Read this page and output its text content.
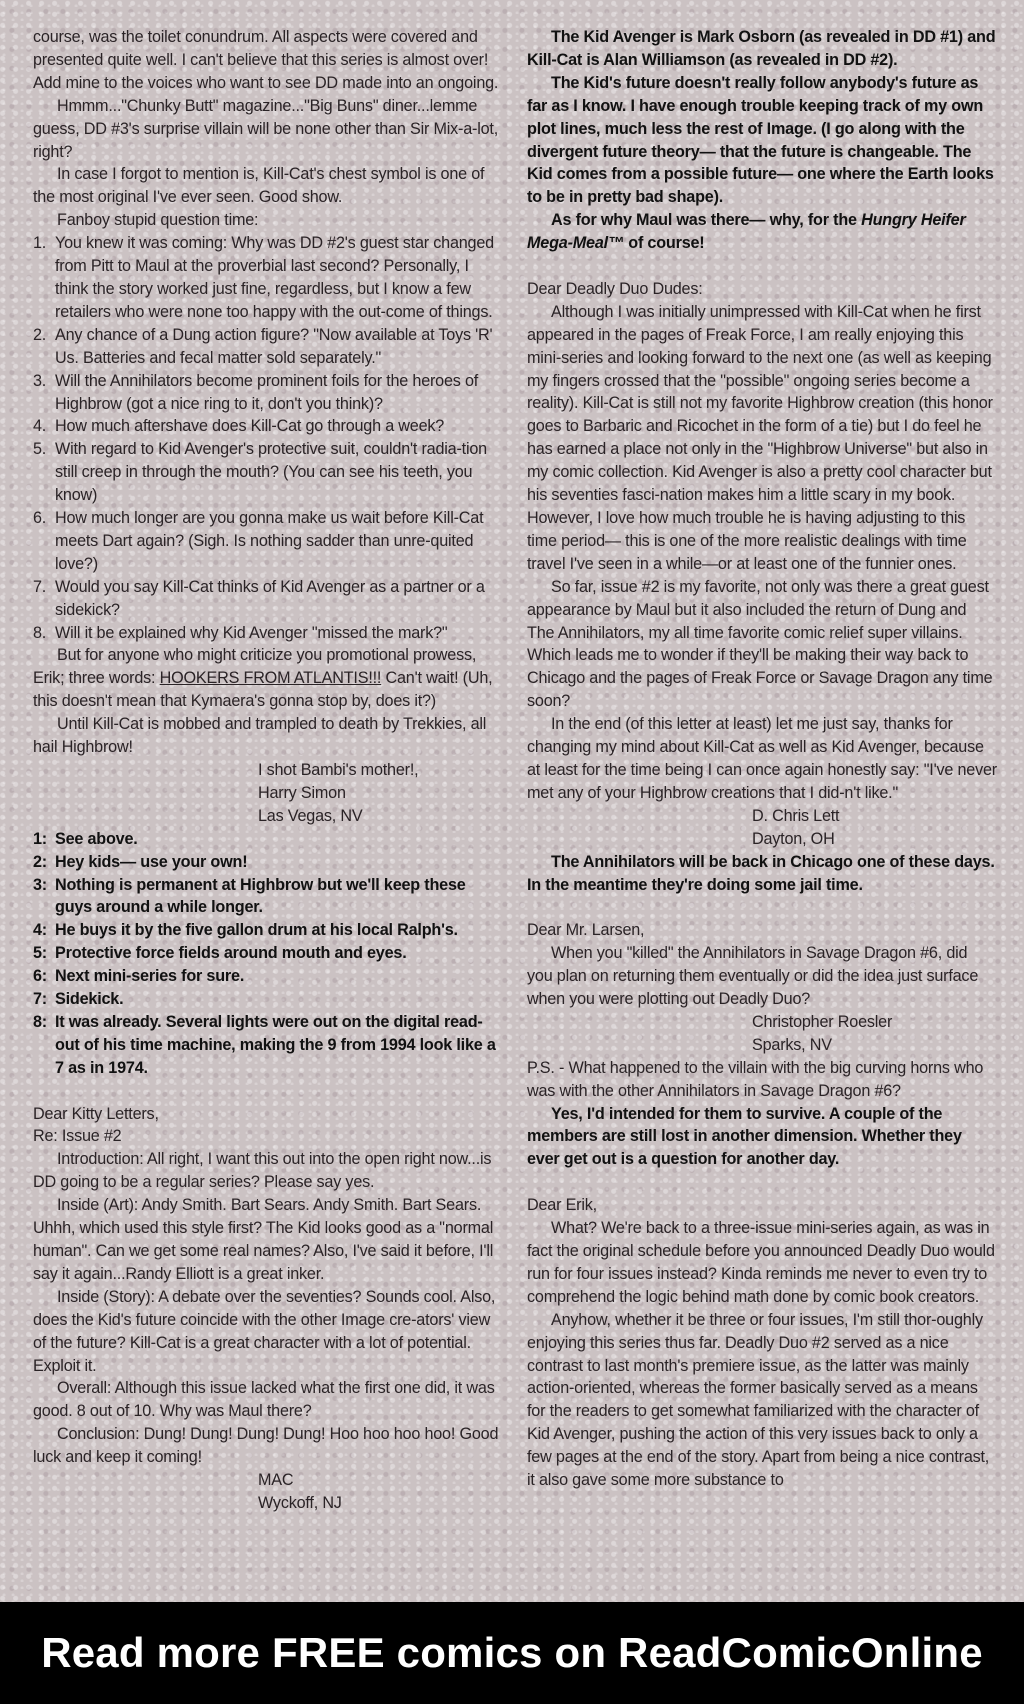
course, was the toilet conundrum. All aspects were covered and presented quite well. I can't believe that this series is almost over! Add mine to the voices who want to see DD made into an ongoing.

Hmmm..."Chunky Butt" magazine..."Big Buns" diner...lemme guess, DD #3's surprise villain will be none other than Sir Mix-a-lot, right?

In case I forgot to mention is, Kill-Cat's chest symbol is one of the most original I've ever seen. Good show.

Fanboy stupid question time:

1. You knew it was coming: Why was DD #2's guest star changed from Pitt to Maul at the proverbial last second? Personally, I think the story worked just fine, regardless, but I know a few retailers who were none too happy with the out-come of things.
2. Any chance of a Dung action figure? "Now available at Toys 'R' Us. Batteries and fecal matter sold separately."
3. Will the Annihilators become prominent foils for the heroes of Highbrow (got a nice ring to it, don't you think)?
4. How much aftershave does Kill-Cat go through a week?
5. With regard to Kid Avenger's protective suit, couldn't radia-tion still creep in through the mouth? (You can see his teeth, you know)
6. How much longer are you gonna make us wait before Kill-Cat meets Dart again? (Sigh. Is nothing sadder than unre-quited love?)
7. Would you say Kill-Cat thinks of Kid Avenger as a partner or a sidekick?
8. Will it be explained why Kid Avenger "missed the mark?"

But for anyone who might criticize you promotional prowess, Erik; three words: HOOKERS FROM ATLANTIS!!! Can't wait! (Uh, this doesn't mean that Kymaera's gonna stop by, does it?)

Until Kill-Cat is mobbed and trampled to death by Trekkies, all hail Highbrow!

I shot Bambi's mother!,
Harry Simon
Las Vegas, NV
1: See above.
2: Hey kids— use your own!
3: Nothing is permanent at Highbrow but we'll keep these guys around a while longer.
4: He buys it by the five gallon drum at his local Ralph's.
5: Protective force fields around mouth and eyes.
6: Next mini-series for sure.
7: Sidekick.
8: It was already. Several lights were out on the digital read-out of his time machine, making the 9 from 1994 look like a 7 as in 1974.

Dear Kitty Letters,

Re: Issue #2

Introduction: All right, I want this out into the open right now...is DD going to be a regular series? Please say yes.

Inside (Art): Andy Smith. Bart Sears. Andy Smith. Bart Sears. Uhhh, which used this style first? The Kid looks good as a "normal human". Can we get some real names? Also, I've said it before, I'll say it again...Randy Elliott is a great inker.

Inside (Story): A debate over the seventies? Sounds cool. Also, does the Kid's future coincide with the other Image cre-ators' view of the future? Kill-Cat is a great character with a lot of potential. Exploit it.

Overall: Although this issue lacked what the first one did, it was good. 8 out of 10. Why was Maul there?

Conclusion: Dung! Dung! Dung! Dung! Hoo hoo hoo hoo! Good luck and keep it coming!

MAC
Wyckoff, NJ

The Kid Avenger is Mark Osborn (as revealed in DD #1) and Kill-Cat is Alan Williamson (as revealed in DD #2).

The Kid's future doesn't really follow anybody's future as far as I know. I have enough trouble keeping track of my own plot lines, much less the rest of Image. (I go along with the divergent future theory— that the future is changeable. The Kid comes from a possible future— one where the Earth looks to be in pretty bad shape).

As for why Maul was there— why, for the Hungry Heifer Mega-Meal™ of course!

Dear Deadly Duo Dudes:

Although I was initially unimpressed with Kill-Cat when he first appeared in the pages of Freak Force, I am really enjoying this mini-series and looking forward to the next one (as well as keeping my fingers crossed that the "possible" ongoing series become a reality). Kill-Cat is still not my favorite Highbrow creation (this honor goes to Barbaric and Ricochet in the form of a tie) but I do feel he has earned a place not only in the "Highbrow Universe" but also in my comic collection. Kid Avenger is also a pretty cool character but his seventies fasci-nation makes him a little scary in my book. However, I love how much trouble he is having adjusting to this time period— this is one of the more realistic dealings with time travel I've seen in a while—or at least one of the funnier ones.

So far, issue #2 is my favorite, not only was there a great guest appearance by Maul but it also included the return of Dung and The Annihilators, my all time favorite comic relief super villains. Which leads me to wonder if they'll be making their way back to Chicago and the pages of Freak Force or Savage Dragon any time soon?

In the end (of this letter at least) let me just say, thanks for changing my mind about Kill-Cat as well as Kid Avenger, because at least for the time being I can once again honestly say: "I've never met any of your Highbrow creations that I did-n't like."

D. Chris Lett
Dayton, OH

The Annihilators will be back in Chicago one of these days. In the meantime they're doing some jail time.

Dear Mr. Larsen,

When you "killed" the Annihilators in Savage Dragon #6, did you plan on returning them eventually or did the idea just surface when you were plotting out Deadly Duo?

Christopher Roesler
Sparks, NV

P.S. - What happened to the villain with the big curving horns who was with the other Annihilators in Savage Dragon #6?

Yes, I'd intended for them to survive. A couple of the members are still lost in another dimension. Whether they ever get out is a question for another day.

Dear Erik,

What? We're back to a three-issue mini-series again, as was in fact the original schedule before you announced Deadly Duo would run for four issues instead? Kinda reminds me never to even try to comprehend the logic behind math done by comic book creators.

Anyhow, whether it be three or four issues, I'm still thor-oughly enjoying this series thus far. Deadly Duo #2 served as a nice contrast to last month's premiere issue, as the latter was mainly action-oriented, whereas the former basically served as a means for the readers to get somewhat familiarized with the character of Kid Avenger, pushing the action of this very issues back to only a few pages at the end of the story. Apart from being a nice contrast, it also gave some more substance to

Read more FREE comics on ReadComicOnline
